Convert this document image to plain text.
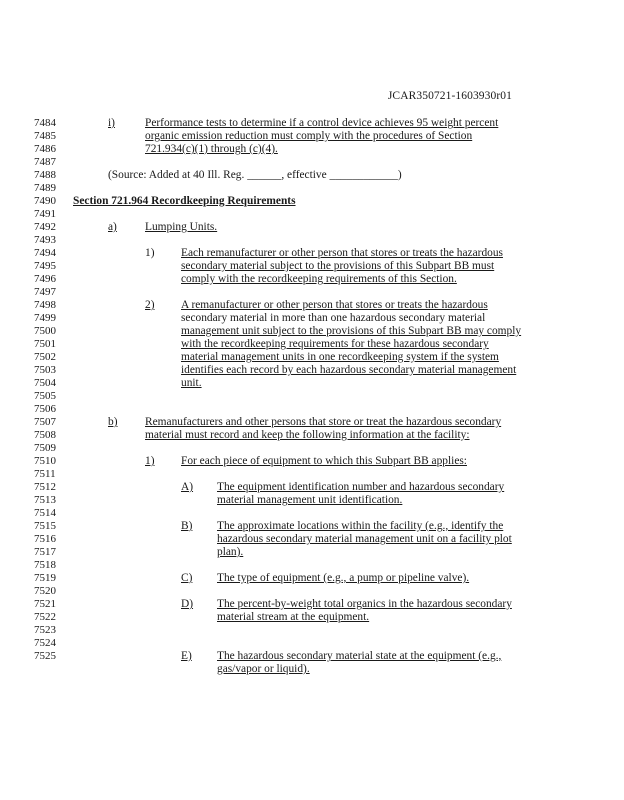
JCAR350721-1603930r01
7484
7485
7486
7487
7488
7489
7490
7491
7492
7493
7494
7495
7496
7497
7498
7499
7500
7501
7502
7503
7504
7505
7506
7507
7508
7509
7510
7511
7512
7513
7514
7515
7516
7517
7518
7519
7520
7521
7522
7523
7524
7525
i)	Performance tests to determine if a control device achieves 95 weight percent
organic emission reduction must comply with the procedures of Section
721.934(c)(1) through (c)(4).
(Source: Added at 40 Ill. Reg. ______, effective ____________)
Section 721.964 Recordkeeping Requirements
a) Lumping Units.
1) Each remanufacturer or other person that stores or treats the hazardous
secondary material subject to the provisions of this Subpart BB must
comply with the recordkeeping requirements of this Section.
2) A remanufacturer or other person that stores or treats the hazardous
secondary material in more than one hazardous secondary material
management unit subject to the provisions of this Subpart BB may comply
with the recordkeeping requirements for these hazardous secondary
material management units in one recordkeeping system if the system
identifies each record by each hazardous secondary material management
unit.
b) Remanufacturers and other persons that store or treat the hazardous secondary
material must record and keep the following information at the facility:
1) For each piece of equipment to which this Subpart BB applies:
A) The equipment identification number and hazardous secondary
material management unit identification.
B) The approximate locations within the facility (e.g., identify the
hazardous secondary material management unit on a facility plot
plan).
C) The type of equipment (e.g., a pump or pipeline valve).
D) The percent-by-weight total organics in the hazardous secondary
material stream at the equipment.
E) The hazardous secondary material state at the equipment (e.g.,
gas/vapor or liquid).
